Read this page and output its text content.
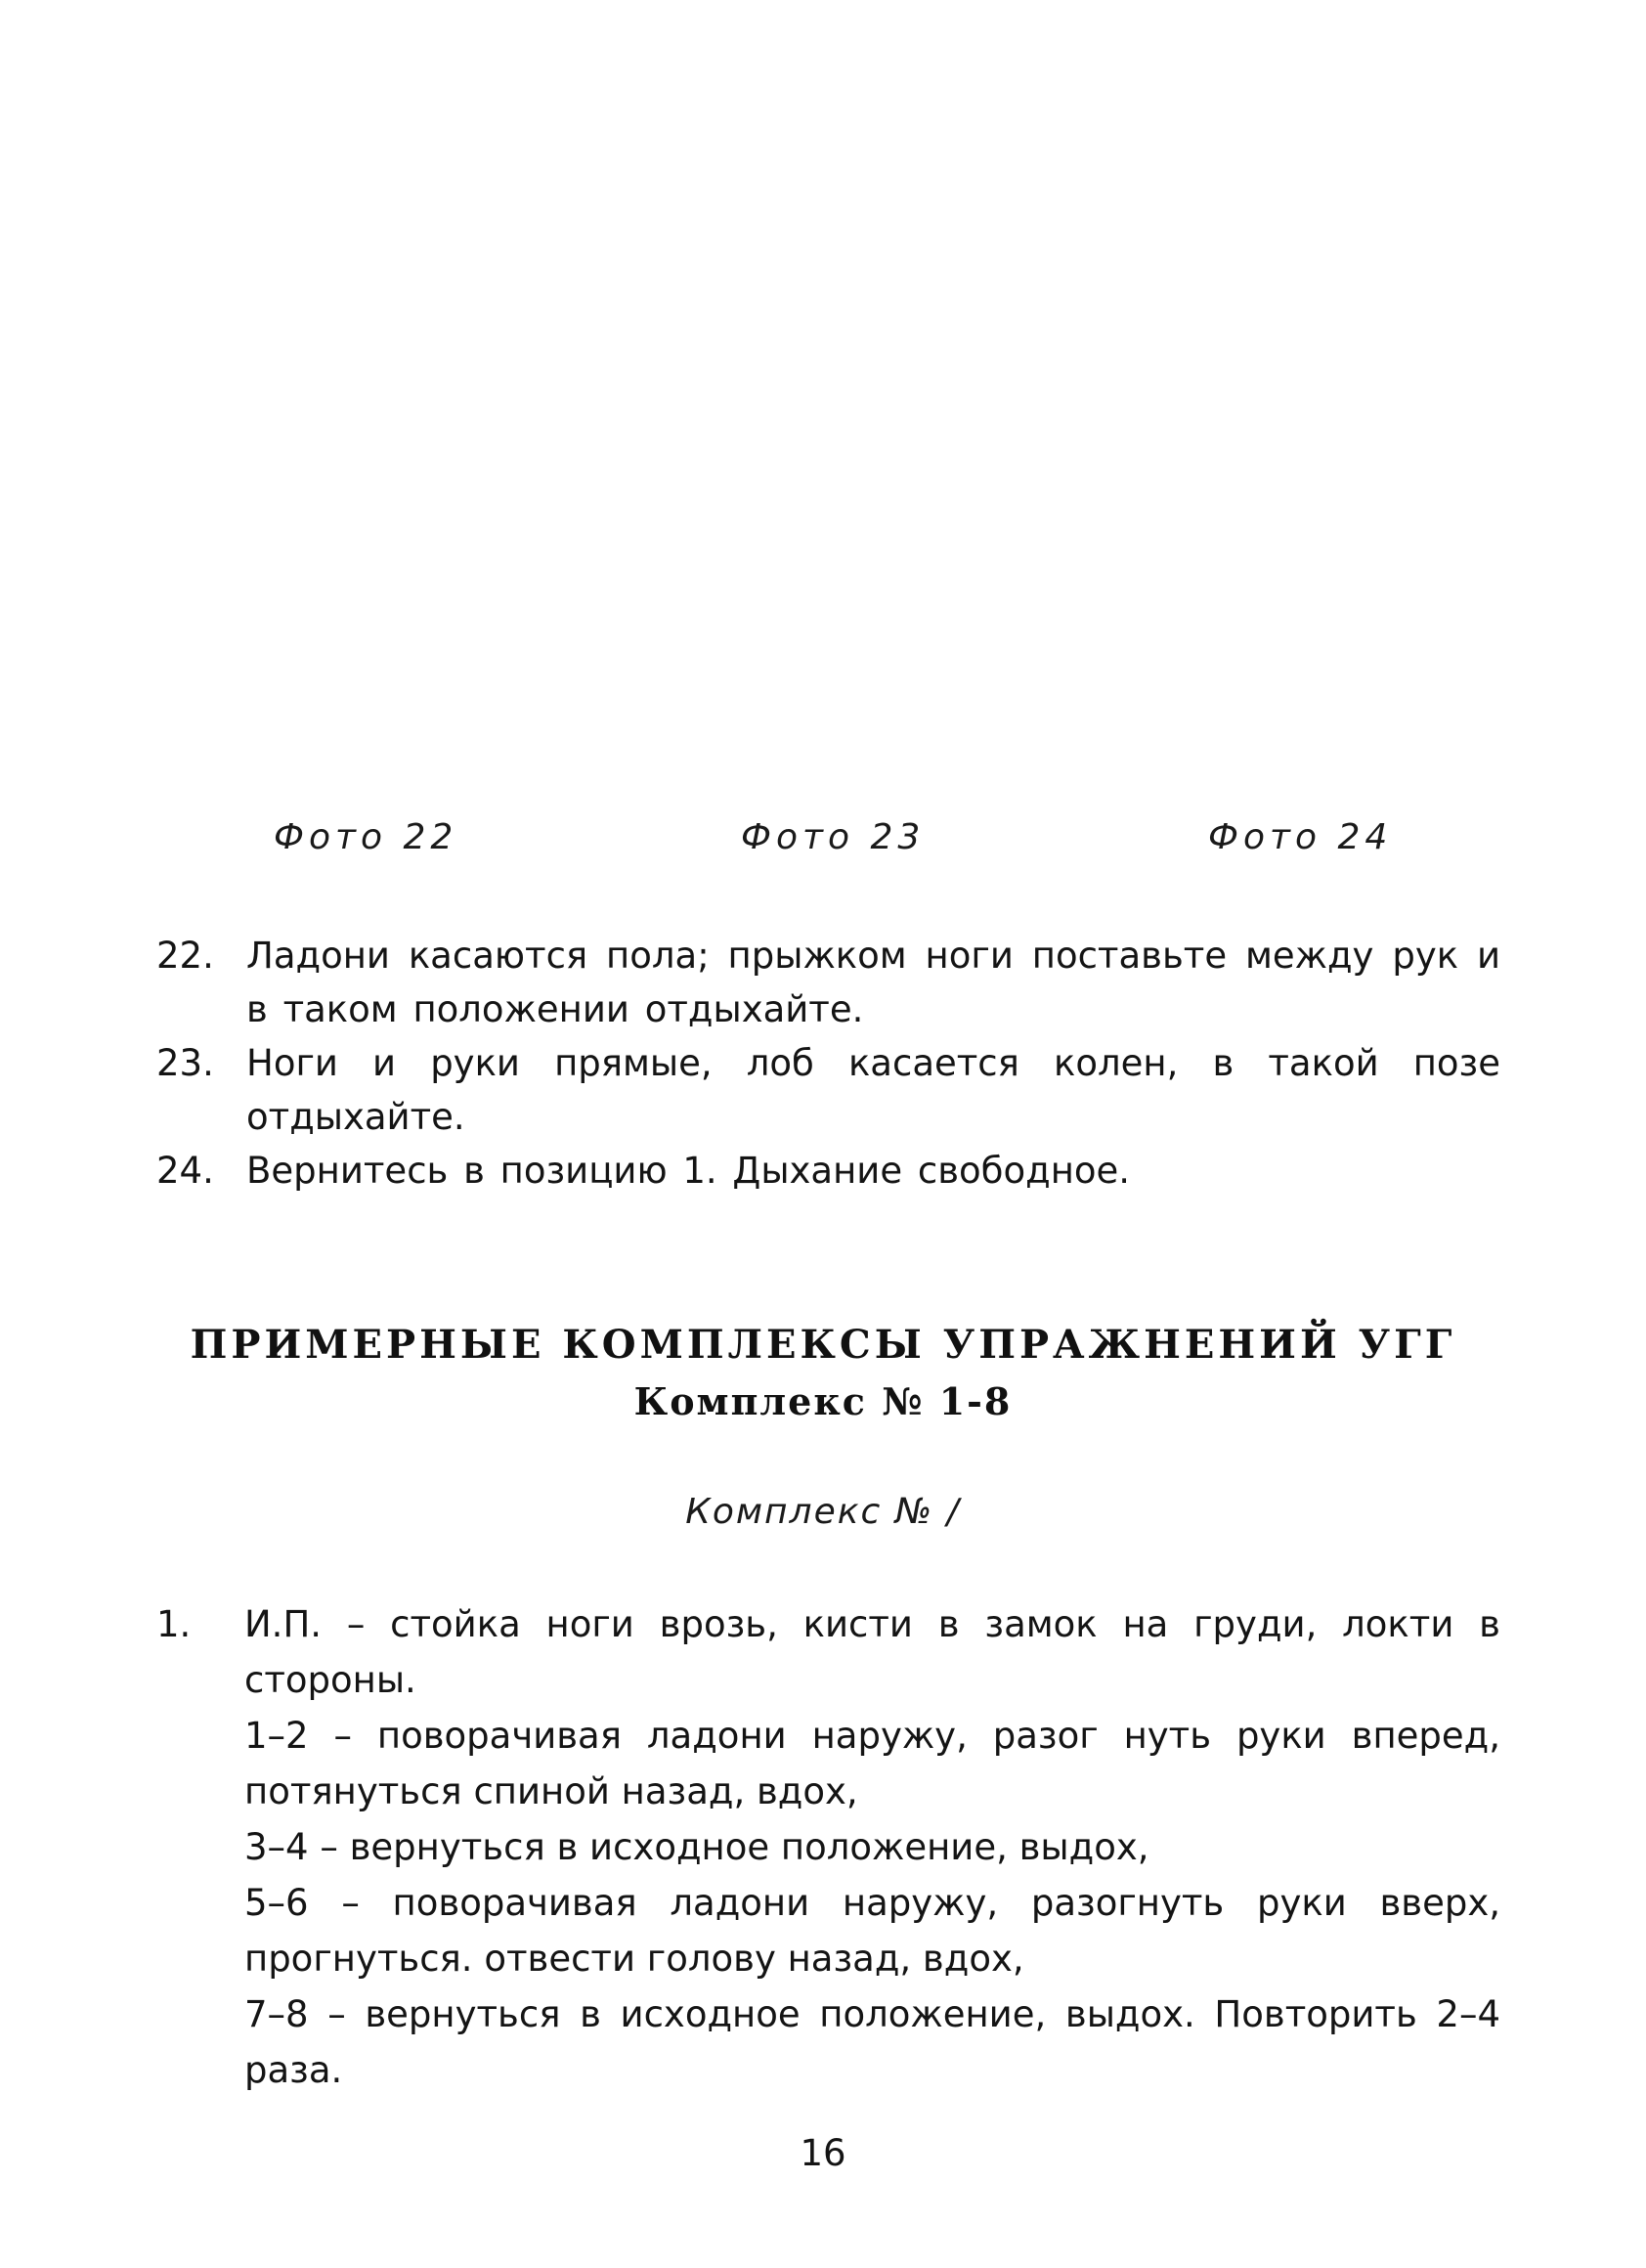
Фото 22	Фото 23	Фото 24
22. Ладони касаются пола; прыжком ноги поставьте между рук и в таком положении отдыхайте.
23. Ноги и руки прямые, лоб касается колен, в такой позе отдыхайте.
24. Вернитесь в позицию 1. Дыхание свободное.
ПРИМЕРНЫЕ КОМПЛЕКСЫ УПРАЖНЕНИЙ УГГ
Комплекс № 1-8
Комплекс № /
1.	И.П. – стойка ноги врозь, кисти в замок на груди, локти в стороны.

1–2 – поворачивая ладони наружу, разог нуть руки вперед, потянуться спиной назад, вдох,

3–4 – вернуться в исходное положение, выдох,

5–6 – поворачивая ладони наружу, разогнуть руки вверх, прогнуться. отвести голову назад, вдох,

7–8 – вернуться в исходное положение, выдох. Повторить 2–4 раза.

16
